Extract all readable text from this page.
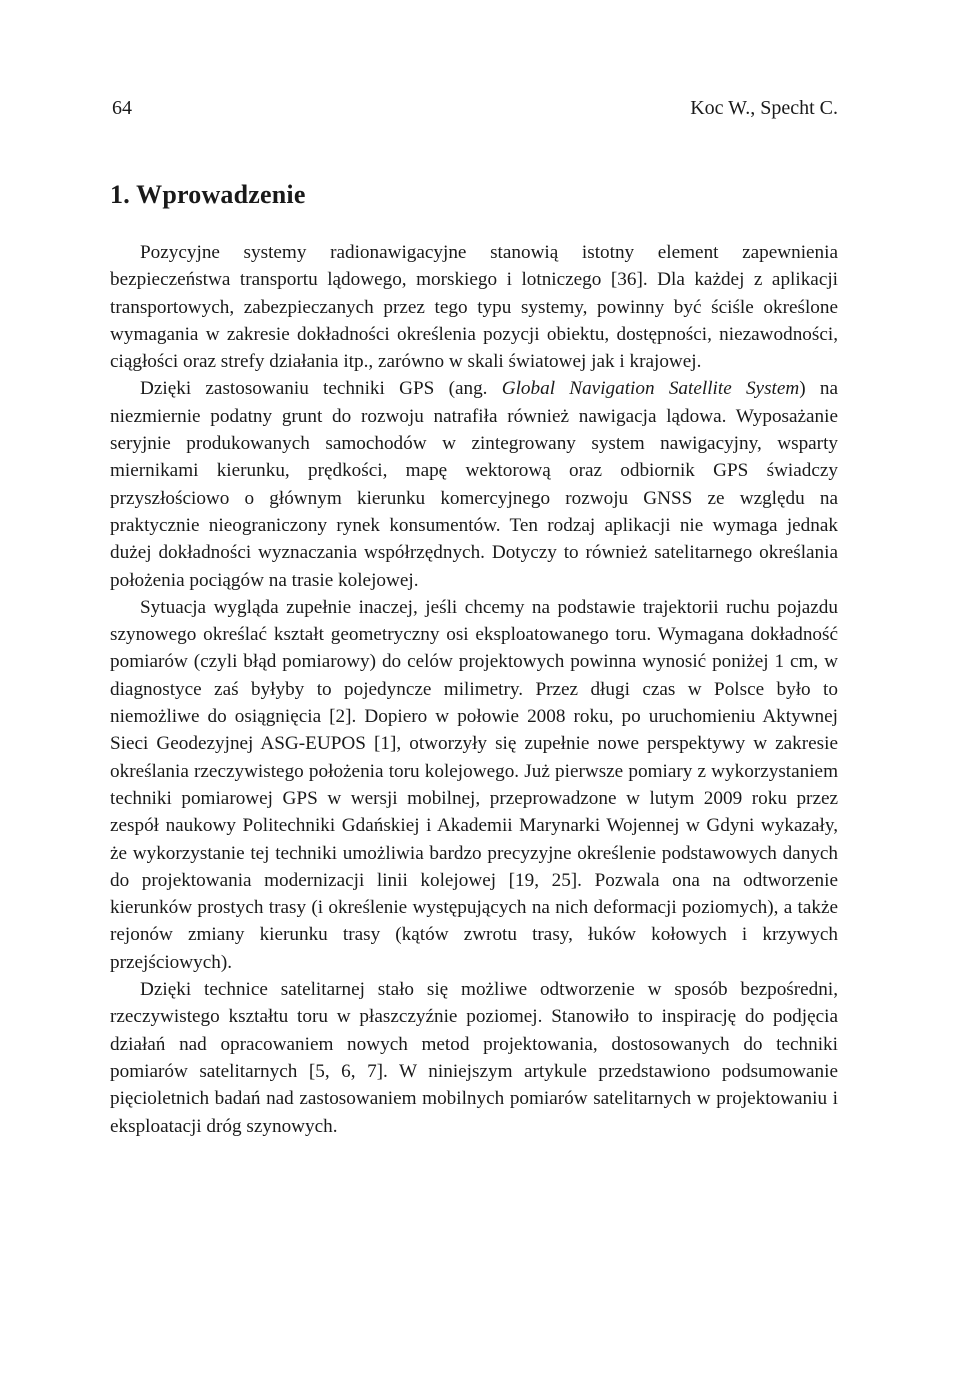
64	Koc W., Specht C.
1. Wprowadzenie

Pozycyjne systemy radionawigacyjne stanowią istotny element zapewnienia bezpieczeństwa transportu lądowego, morskiego i lotniczego [36]. Dla każdej z aplikacji transportowych, zabezpieczanych przez tego typu systemy, powinny być ściśle określone wymagania w zakresie dokładności określenia pozycji obiektu, dostępności, niezawodności, ciągłości oraz strefy działania itp., zarówno w skali światowej jak i krajowej.

Dzięki zastosowaniu techniki GPS (ang. Global Navigation Satellite System) na niezmiernie podatny grunt do rozwoju natrafiła również nawigacja lądowa. Wyposażanie seryjnie produkowanych samochodów w zintegrowany system nawigacyjny, wsparty miernikami kierunku, prędkości, mapę wektorową oraz odbiornik GPS świadczy przyszłościowo o głównym kierunku komercyjnego rozwoju GNSS ze względu na praktycznie nieograniczony rynek konsumentów. Ten rodzaj aplikacji nie wymaga jednak dużej dokładności wyznaczania współrzędnych. Dotyczy to również satelitarnego określania położenia pociągów na trasie kolejowej.

Sytuacja wygląda zupełnie inaczej, jeśli chcemy na podstawie trajektorii ruchu pojazdu szynowego określać kształt geometryczny osi eksploatowanego toru. Wymagana dokładność pomiarów (czyli błąd pomiarowy) do celów projektowych powinna wynosić poniżej 1 cm, w diagnostyce zaś byłyby to pojedyncze milimetry. Przez długi czas w Polsce było to niemożliwe do osiągnięcia [2]. Dopiero w połowie 2008 roku, po uruchomieniu Aktywnej Sieci Geodezyjnej ASG-EUPOS [1], otworzyły się zupełnie nowe perspektywy w zakresie określania rzeczywistego położenia toru kolejowego. Już pierwsze pomiary z wykorzystaniem techniki pomiarowej GPS w wersji mobilnej, przeprowadzone w lutym 2009 roku przez zespół naukowy Politechniki Gdańskiej i Akademii Marynarki Wojennej w Gdyni wykazały, że wykorzystanie tej techniki umożliwia bardzo precyzyjne określenie podstawowych danych do projektowania modernizacji linii kolejowej [19, 25]. Pozwala ona na odtworzenie kierunków prostych trasy (i określenie występujących na nich deformacji poziomych), a także rejonów zmiany kierunku trasy (kątów zwrotu trasy, łuków kołowych i krzywych przejściowych).

Dzięki technice satelitarnej stało się możliwe odtworzenie w sposób bezpośredni, rzeczywistego kształtu toru w płaszczyźnie poziomej. Stanowiło to inspirację do podjęcia działań nad opracowaniem nowych metod projektowania, dostosowanych do techniki pomiarów satelitarnych [5, 6, 7]. W niniejszym artykule przedstawiono podsumowanie pięcioletnich badań nad zastosowaniem mobilnych pomiarów satelitarnych w projektowaniu i eksploatacji dróg szynowych.
